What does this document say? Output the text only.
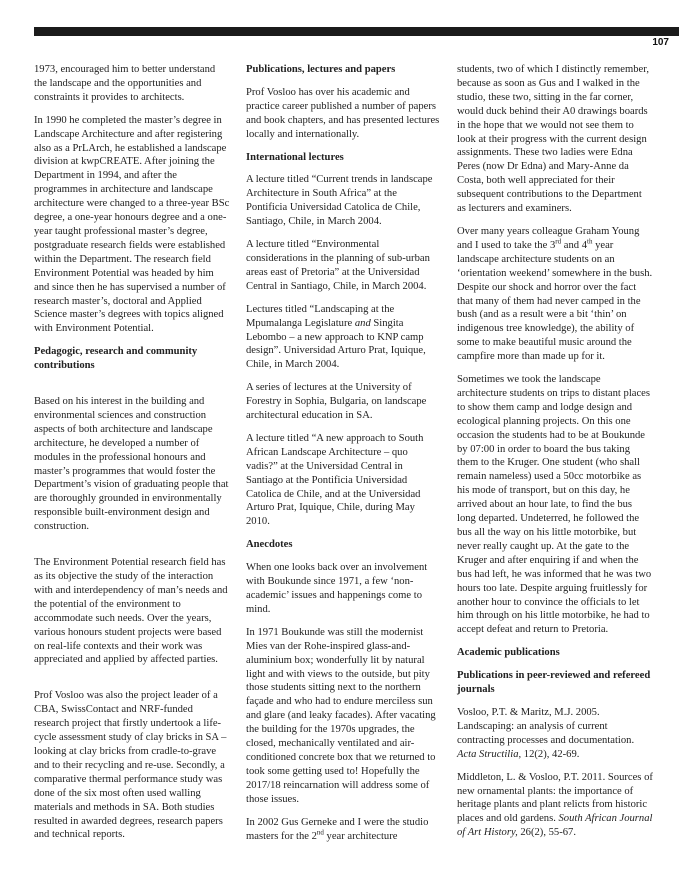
107

1973, encouraged him to better understand the landscape and the opportunities and constraints it provides to architects.

In 1990 he completed the master’s degree in Landscape Architecture and after registering also as a PrLArch, he established a landscape division at kwpCREATE. After joining the Department in 1994, and after the programmes in architecture and landscape architecture were changed to a three-year BSc degree, a one-year honours degree and a one-year taught professional master’s degree, postgraduate research fields were established within the Department. The research field Environment Potential was headed by him and since then he has supervised a number of research master’s, doctoral and Applied Science master’s degrees with topics aligned with Environment Potential.

Pedagogic, research and community contributions

Based on his interest in the building and environmental sciences and construction aspects of both architecture and landscape architecture, he developed a number of modules in the professional honours and master’s programmes that would foster the Department’s vision of graduating people that are thoroughly grounded in environmentally responsible built-environment design and construction.

The Environment Potential research field has as its objective the study of the interaction with and interdependency of man’s needs and the potential of the environment to accommodate such needs. Over the years, various honours student projects were based on real-life contexts and their work was appreciated and applied by affected parties.

Prof Vosloo was also the project leader of a CBA, SwissContact and NRF-funded research project that firstly undertook a life-cycle assessment study of clay bricks in SA – looking at clay bricks from cradle-to-grave and to their recycling and re-use. Secondly, a comparative thermal performance study was done of the six most often used walling materials and methods in SA. Both studies resulted in awarded degrees, research papers and technical reports.

Publications, lectures and papers

Prof Vosloo has over his academic and practice career published a number of papers and book chapters, and has presented lectures locally and internationally.

International lectures

A lecture titled “Current trends in landscape Architecture in South Africa” at the Pontificia Universidad Catolica de Chile, Santiago, Chile, in March 2004.

A lecture titled “Environmental considerations in the planning of sub-urban areas east of Pretoria” at the Universidad Central in Santiago, Chile, in March 2004.

Lectures titled “Landscaping at the Mpumalanga Legislature and Singita Lebombo – a new approach to KNP camp design”. Universidad Arturo Prat, Iquique, Chile, in March 2004.

A series of lectures at the University of Forestry in Sophia, Bulgaria, on landscape architectural education in SA.

A lecture titled “A new approach to South African Landscape Architecture – quo vadis?” at the Universidad Central in Santiago at the Pontificia Universidad Catolica de Chile, and at the Universidad Arturo Prat, Iquique, Chile, during May 2010.

Anecdotes

When one looks back over an involvement with Boukunde since 1971, a few ‘non-academic’ issues and happenings come to mind.

In 1971 Boukunde was still the modernist Mies van der Rohe-inspired glass-and-aluminium box; wonderfully lit by natural light and with views to the outside, but pity those students sitting next to the northern façade and who had to endure merciless sun and glare (and leaky facades). After vacating the building for the 1970s upgrades, the closed, mechanically ventilated and air-conditioned concrete box that we returned to took some getting used to! Hopefully the 2017/18 reincarnation will address some of those issues.

In 2002 Gus Gerneke and I were the studio masters for the 2nd year architecture

students, two of which I distinctly remember, because as soon as Gus and I walked in the studio, these two, sitting in the far corner, would duck behind their A0 drawings boards in the hope that we would not see them to look at their progress with the current design assignments. These two ladies were Edna Peres (now Dr Edna) and Mary-Anne da Costa, both well appreciated for their subsequent contributions to the Department as lecturers and examiners.

Over many years colleague Graham Young and I used to take the 3rd and 4th year landscape architecture students on an ‘orientation weekend’ somewhere in the bush. Despite our shock and horror over the fact that many of them had never camped in the bush (and as a result were a bit ‘thin’ on indigenous tree knowledge), the ability of some to make beautiful music around the campfire more than made up for it.

Sometimes we took the landscape architecture students on trips to distant places to show them camp and lodge design and ecological planning projects. On this one occasion the students had to be at Boukunde by 07:00 in order to board the bus taking them to the Kruger. One student (who shall remain nameless) used a 50cc motorbike as his mode of transport, but on this day, he arrived about an hour late, to find the bus long departed. Undeterred, he followed the bus all the way on his little motorbike, but never really caught up. At the gate to the Kruger and after enquiring if and when the bus had left, he was informed that he was two hours too late. Despite arguing fruitlessly for another hour to convince the officials to let him through on his little motorbike, he had to accept defeat and return to Pretoria.

Academic publications
Publications in peer-reviewed and refereed journals

Vosloo, P.T. & Maritz, M.J. 2005. Landscaping: an analysis of current contracting processes and documentation. Acta Structilia, 12(2), 42-69.

Middleton, L. & Vosloo, P.T. 2011. Sources of new ornamental plants: the importance of heritage plants and plant relicts from historic places and old gardens. South African Journal of Art History, 26(2), 55-67.
